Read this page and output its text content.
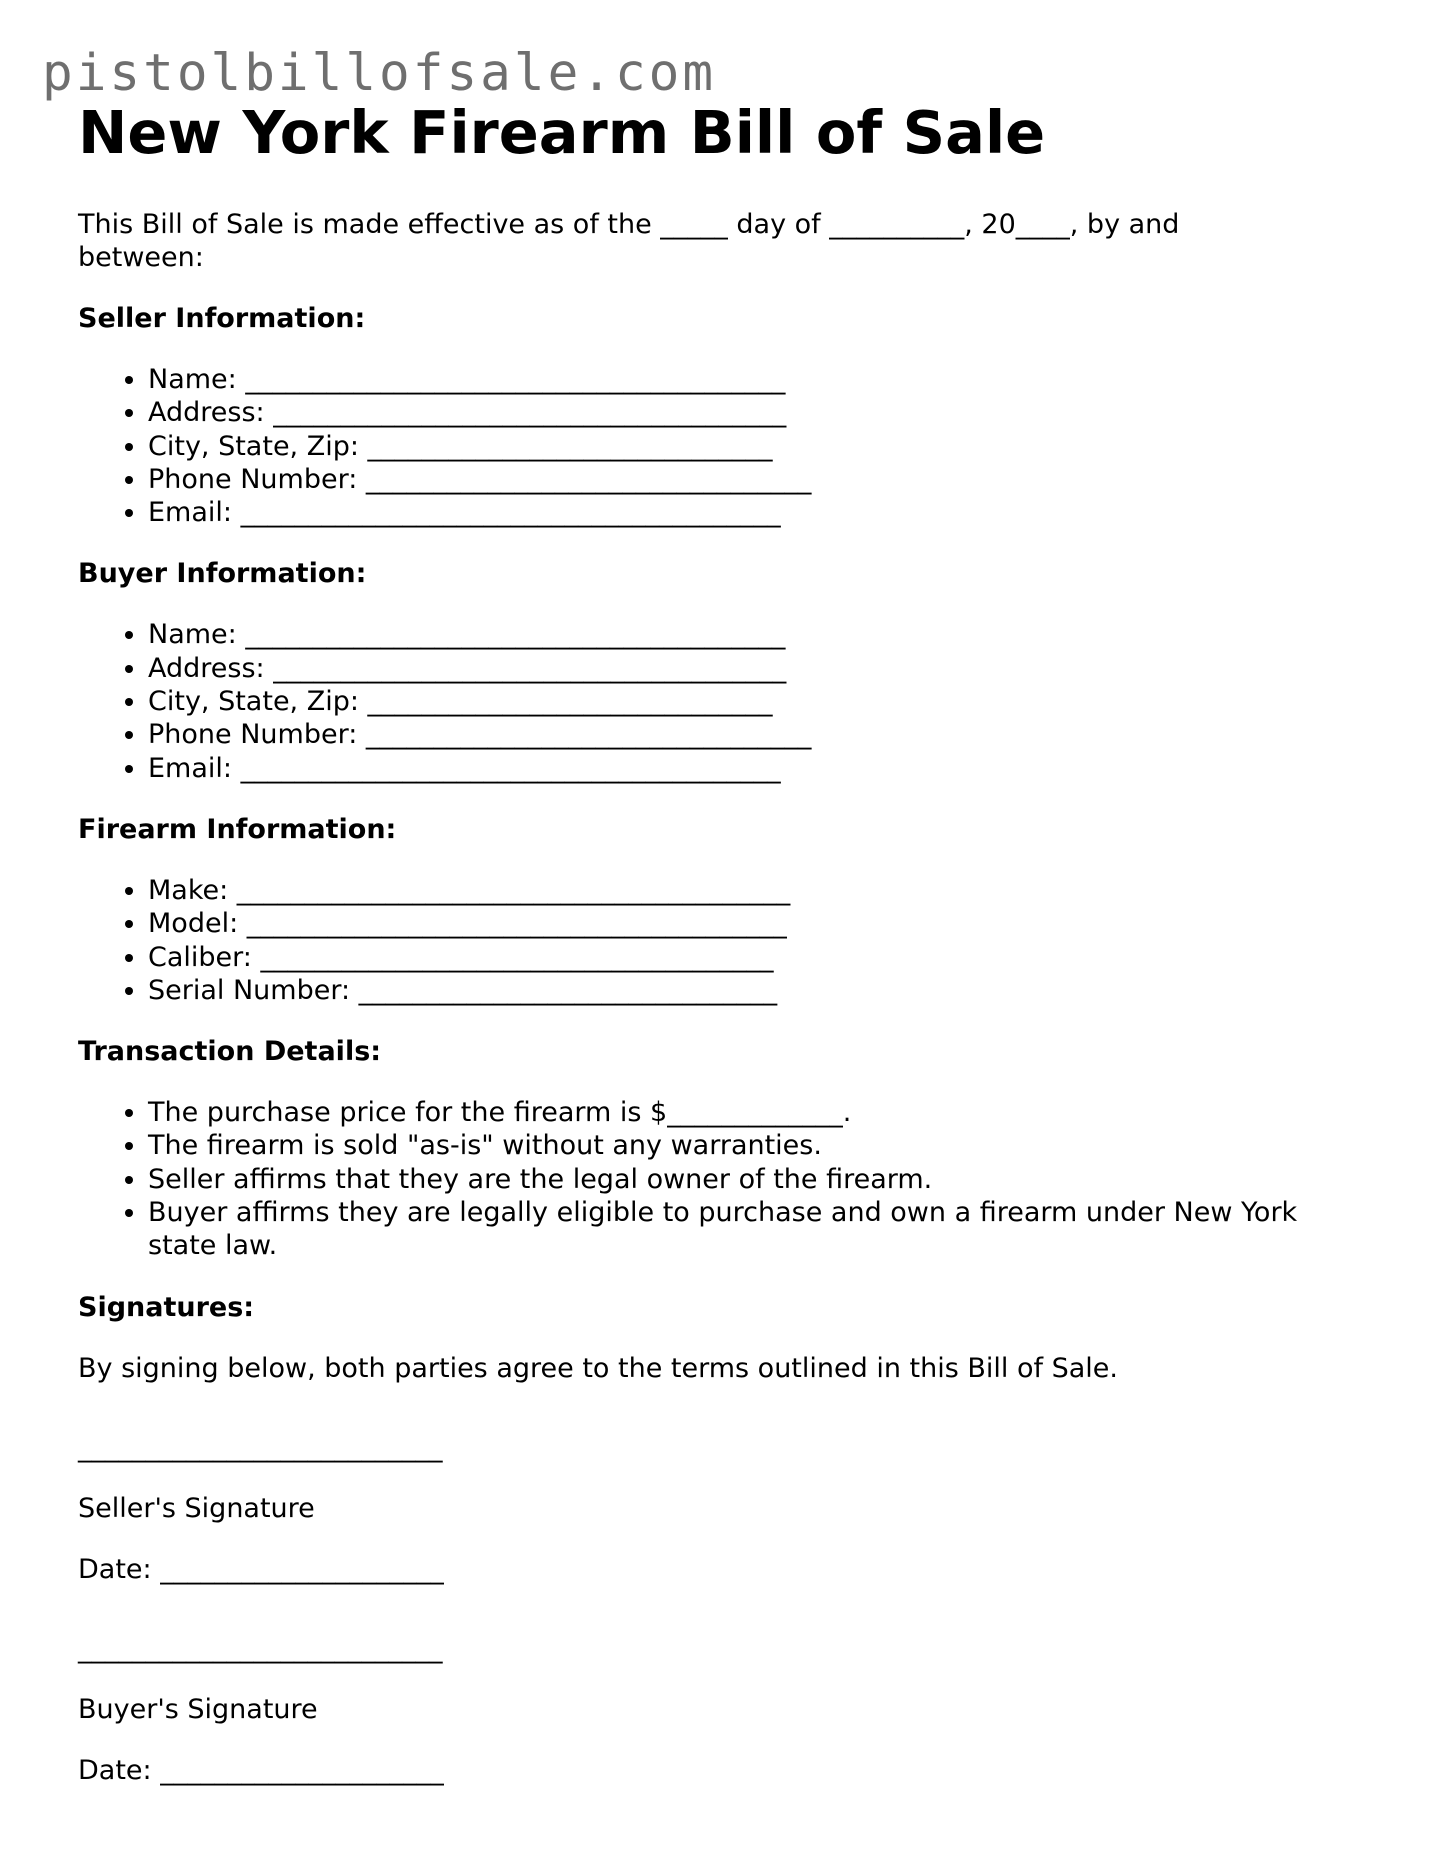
pistolbillofsale.com
New York Firearm Bill of Sale

This Bill of Sale is made effective as of the _____ day of __________, 20____, by and between:

Seller Information:
• Name: ________________________________________
• Address: ______________________________________
• City, State, Zip: ______________________________
• Phone Number: _________________________________
• Email: ________________________________________
Buyer Information:
• Name: ________________________________________
• Address: ______________________________________
• City, State, Zip: ______________________________
• Phone Number: _________________________________
• Email: ________________________________________
Firearm Information:
• Make: _________________________________________
• Model: ________________________________________
• Caliber: ______________________________________
• Serial Number: _______________________________
Transaction Details:
• The purchase price for the firearm is $_____________.
• The firearm is sold "as-is" without any warranties.
• Seller affirms that they are the legal owner of the firearm.
• Buyer affirms they are legally eligible to purchase and own a firearm under New York state law.
Signatures:

By signing below, both parties agree to the terms outlined in this Bill of Sale.

___________________________

Seller's Signature

Date: _____________________

___________________________

Buyer's Signature

Date: _____________________
